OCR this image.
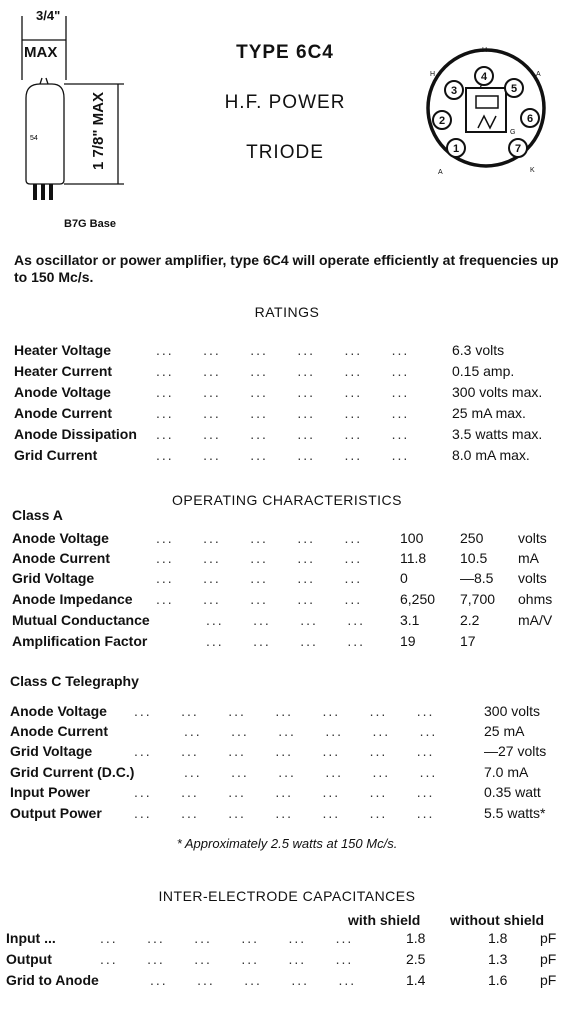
54
3/4"
MAX
1 7/8" MAX
B7G Base
TYPE 6C4
H.F. POWER
TRIODE
H
H	A
A	K
G
1
2
3
4
5
6
7
As oscillator or power amplifier, type 6C4 will operate efficiently at frequencies up to 150 Mc/s.
RATINGS
Heater Voltage	...     ...     ...     ...     ...     ...	6.3 volts
Heater Current	...     ...     ...     ...     ...     ...	0.15 amp.
Anode Voltage	...     ...     ...     ...     ...     ...	300 volts max.
Anode Current	...     ...     ...     ...     ...     ...	25 mA max.
Anode Dissipation ...     ...     ...     ...     ...     ...	3.5 watts max.
Grid Current	...     ...     ...     ...     ...     ...	8.0 mA max.
OPERATING CHARACTERISTICS
Class A
Anode Voltage	...     ...     ...     ...     ...	100	250 volts
Anode Current	...     ...     ...     ...     ...	11.8 10.5 mA
Grid Voltage	...     ...     ...     ...     ...	0	—8.5 volts
Anode Impedance ...     ...     ...     ...     ...	6,250 7,700 ohms
Mutual Conductance	...     ...     ...     ... 3.1	2.2	mA/V
Amplification Factor	...     ...     ...     ... 19	17
Class C Telegraphy
Anode Voltage ...     ...     ...     ...     ...     ...     ...	300 volts
Anode Current	...     ...     ...     ...     ...     ...	25 mA
Grid Voltage	...     ...     ...     ...     ...     ...     ...	—27 volts
Grid Current (D.C.)	...     ...     ...     ...     ...     ...	7.0 mA
Input Power	...     ...     ...     ...     ...     ...     ...	0.35 watt
Output Power ...     ...     ...     ...     ...     ...     ...	5.5 watts*
* Approximately 2.5 watts at 150 Mc/s.
INTER-ELECTRODE CAPACITANCES
with shield without shield
Input ...	...     ...     ...     ...     ...     ...	1.8	1.8 pF
Output	...     ...     ...     ...     ...     ...	2.5	1.3 pF
Grid to Anode	...     ...     ...     ...     ...	1.4	1.6 pF
